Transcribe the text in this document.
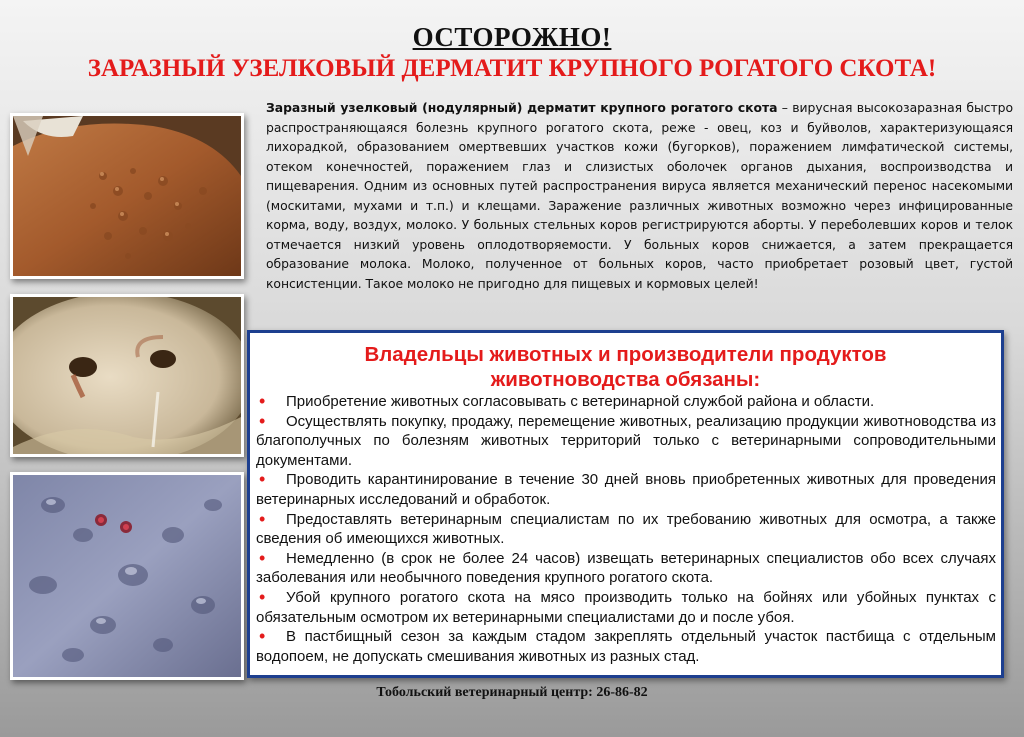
ОСТОРОЖНО!
ЗАРАЗНЫЙ УЗЕЛКОВЫЙ ДЕРМАТИТ КРУПНОГО РОГАТОГО СКОТА!
Заразный узелковый (нодулярный) дерматит крупного рогатого скота – вирусная высокозаразная быстро распространяющаяся болезнь крупного рогатого скота, реже - овец, коз и буйволов, характеризующаяся лихорадкой, образованием омертвевших участков кожи (бугорков), поражением лимфатической системы, отеком конечностей, поражением глаз и слизистых оболочек органов дыхания, воспроизводства и пищеварения. Одним из основных путей распространения вируса является механический перенос насекомыми (москитами, мухами и т.п.) и клещами. Заражение различных животных возможно через инфицированные корма, воду, воздух, молоко. У больных стельных коров регистрируются аборты. У переболевших коров и телок отмечается низкий уровень оплодотворяемости. У больных коров снижается, а затем прекращается образование молока. Молоко, полученное от больных коров, часто приобретает розовый цвет, густой консистенции. Такое молоко не пригодно для пищевых и кормовых целей!
Владельцы животных и производители продуктов
животноводства обязаны:
•	Приобретение животных согласовывать с ветеринарной службой района и области.
•	Осуществлять покупку, продажу, перемещение животных, реализацию продукции животноводства из благополучных по болезням животных территорий только с ветеринарными сопроводительными документами.
•	Проводить карантинирование в течение 30 дней вновь приобретенных животных для проведения ветеринарных исследований и обработок.
•	Предоставлять ветеринарным специалистам по их требованию животных для осмотра, а также сведения об имеющихся животных.
•	Немедленно (в срок не более 24 часов) извещать ветеринарных специалистов обо всех случаях заболевания или необычного поведения крупного рогатого скота.
•	Убой крупного рогатого скота на мясо производить только на бойнях или убойных пунктах с обязательным осмотром их ветеринарными специалистами до и после убоя.
•	В пастбищный сезон за каждым стадом закреплять отдельный участок пастбища с отдельным водопоем, не допускать смешивания животных из разных стад.
Тобольский ветеринарный центр: 26-86-82
